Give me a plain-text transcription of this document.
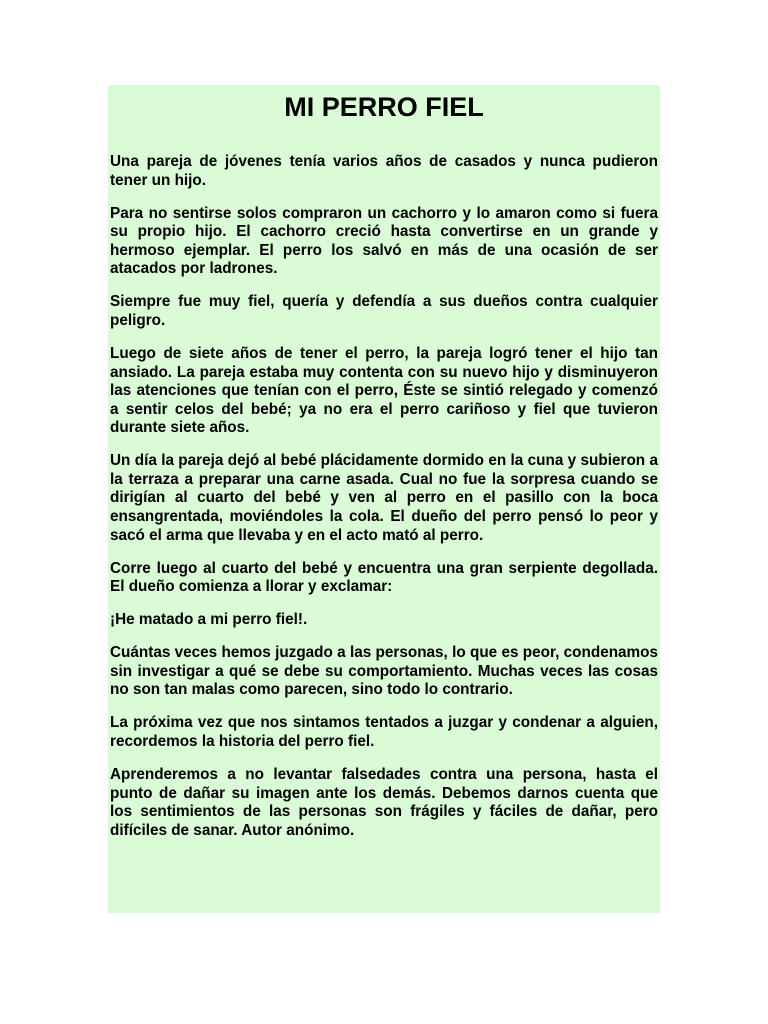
MI PERRO FIEL

Una pareja de jóvenes tenía varios años de casados y nunca pudieron tener un hijo.

Para no sentirse solos compraron un cachorro y lo amaron como si fuera su propio hijo. El cachorro creció hasta convertirse en un grande y hermoso ejemplar. El perro los salvó en más de una ocasión de ser atacados por ladrones.

Siempre fue muy fiel, quería y defendía a sus dueños contra cualquier peligro.

Luego de siete años de tener el perro, la pareja logró tener el hijo tan ansiado. La pareja estaba muy contenta con su nuevo hijo y disminuyeron las atenciones que tenían con el perro, Éste se sintió relegado y comenzó a sentir celos del bebé; ya no era el perro cariñoso y fiel que tuvieron durante siete años.

Un día la pareja dejó al bebé plácidamente dormido en la cuna y subieron a la terraza a preparar una carne asada. Cual no fue la sorpresa cuando se dirigían al cuarto del bebé y ven al perro en el pasillo con la boca ensangrentada, moviéndoles la cola. El dueño del perro pensó lo peor y sacó el arma que llevaba y en el acto mató al perro.

Corre luego al cuarto del bebé y encuentra una gran serpiente degollada. El dueño comienza a llorar y exclamar:

¡He matado a mi perro fiel!.

Cuántas veces hemos juzgado a las personas, lo que es peor, condenamos sin investigar a qué se debe su comportamiento. Muchas veces las cosas no son tan malas como parecen, sino todo lo contrario.

La próxima vez que nos sintamos tentados a juzgar y condenar a alguien, recordemos la historia del perro fiel.

Aprenderemos a no levantar falsedades contra una persona, hasta el punto de dañar su imagen ante los demás. Debemos darnos cuenta que los sentimientos de las personas son frágiles y fáciles de dañar, pero difíciles de sanar. Autor anónimo.
